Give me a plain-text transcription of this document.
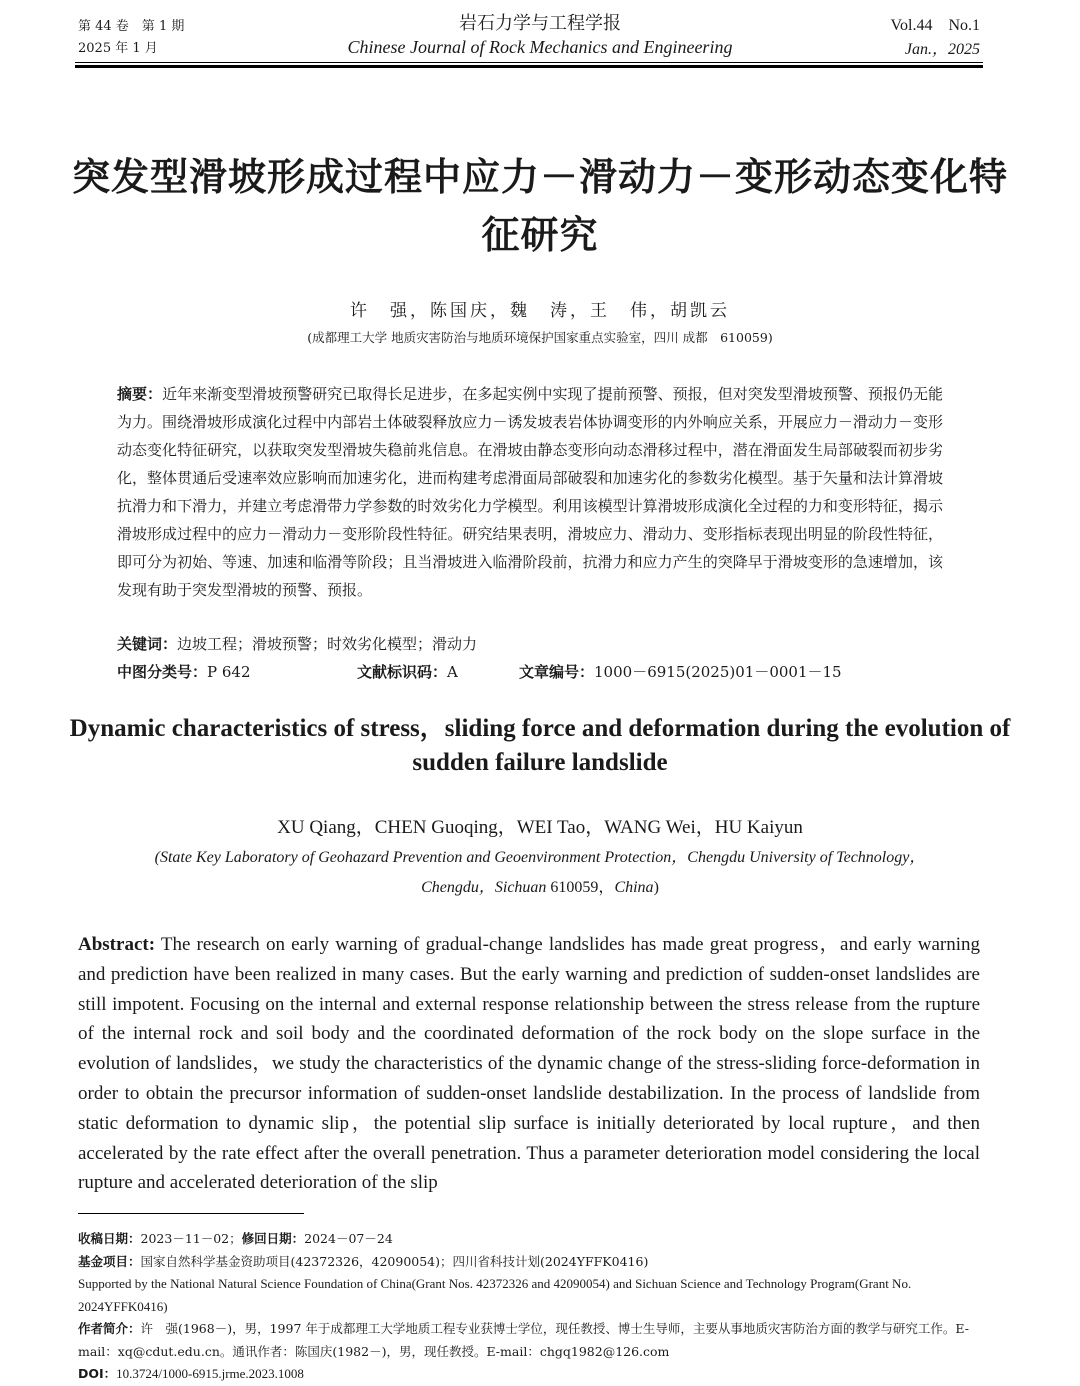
第 44 卷　第 1 期
2025 年 1 月
岩石力学与工程学报
Chinese Journal of Rock Mechanics and Engineering
Vol.44　No.1
Jan.，2025
突发型滑坡形成过程中应力－滑动力－变形动态变化特征研究
许　强，陈国庆，魏　涛，王　伟，胡凯云
(成都理工大学 地质灾害防治与地质环境保护国家重点实验室，四川 成都　610059)
摘要：近年来渐变型滑坡预警研究已取得长足进步，在多起实例中实现了提前预警、预报，但对突发型滑坡预警、预报仍无能为力。围绕滑坡形成演化过程中内部岩土体破裂释放应力－诱发坡表岩体协调变形的内外响应关系，开展应力－滑动力－变形动态变化特征研究，以获取突发型滑坡失稳前兆信息。在滑坡由静态变形向动态滑移过程中，潜在滑面发生局部破裂而初步劣化，整体贯通后受速率效应影响而加速劣化，进而构建考虑滑面局部破裂和加速劣化的参数劣化模型。基于矢量和法计算滑坡抗滑力和下滑力，并建立考虑滑带力学参数的时效劣化力学模型。利用该模型计算滑坡形成演化全过程的力和变形特征，揭示滑坡形成过程中的应力－滑动力－变形阶段性特征。研究结果表明，滑坡应力、滑动力、变形指标表现出明显的阶段性特征，即可分为初始、等速、加速和临滑等阶段；且当滑坡进入临滑阶段前，抗滑力和应力产生的突降早于滑坡变形的急速增加，该发现有助于突发型滑坡的预警、预报。
关键词：边坡工程；滑坡预警；时效劣化模型；滑动力
中图分类号：P 642	文献标识码：A	文章编号：1000－6915(2025)01－0001－15
Dynamic characteristics of stress，sliding force and deformation during the evolution of sudden failure landslide
XU Qiang，CHEN Guoqing，WEI Tao，WANG Wei，HU Kaiyun
(State Key Laboratory of Geohazard Prevention and Geoenvironment Protection，Chengdu University of Technology，
Chengdu，Sichuan 610059，China)
Abstract: The research on early warning of gradual-change landslides has made great progress，and early warning and prediction have been realized in many cases. But the early warning and prediction of sudden-onset landslides are still impotent. Focusing on the internal and external response relationship between the stress release from the rupture of the internal rock and soil body and the coordinated deformation of the rock body on the slope surface in the evolution of landslides，we study the characteristics of the dynamic change of the stress-sliding force-deformation in order to obtain the precursor information of sudden-onset landslide destabilization. In the process of landslide from static deformation to dynamic slip，the potential slip surface is initially deteriorated by local rupture，and then accelerated by the rate effect after the overall penetration. Thus a parameter deterioration model considering the local rupture and accelerated deterioration of the slip
收稿日期：2023－11－02；修回日期：2024－07－24
基金项目：国家自然科学基金资助项目(42372326，42090054)；四川省科技计划(2024YFFK0416)
Supported by the National Natural Science Foundation of China(Grant Nos. 42372326 and 42090054) and Sichuan Science and Technology Program(Grant No. 2024YFFK0416)
作者简介：许　强(1968－)，男，1997 年于成都理工大学地质工程专业获博士学位，现任教授、博士生导师，主要从事地质灾害防治方面的教学与研究工作。E-mail：xq@cdut.edu.cn。通讯作者：陈国庆(1982－)，男，现任教授。E-mail：chgq1982@126.com
DOI：10.3724/1000-6915.jrme.2023.1008
